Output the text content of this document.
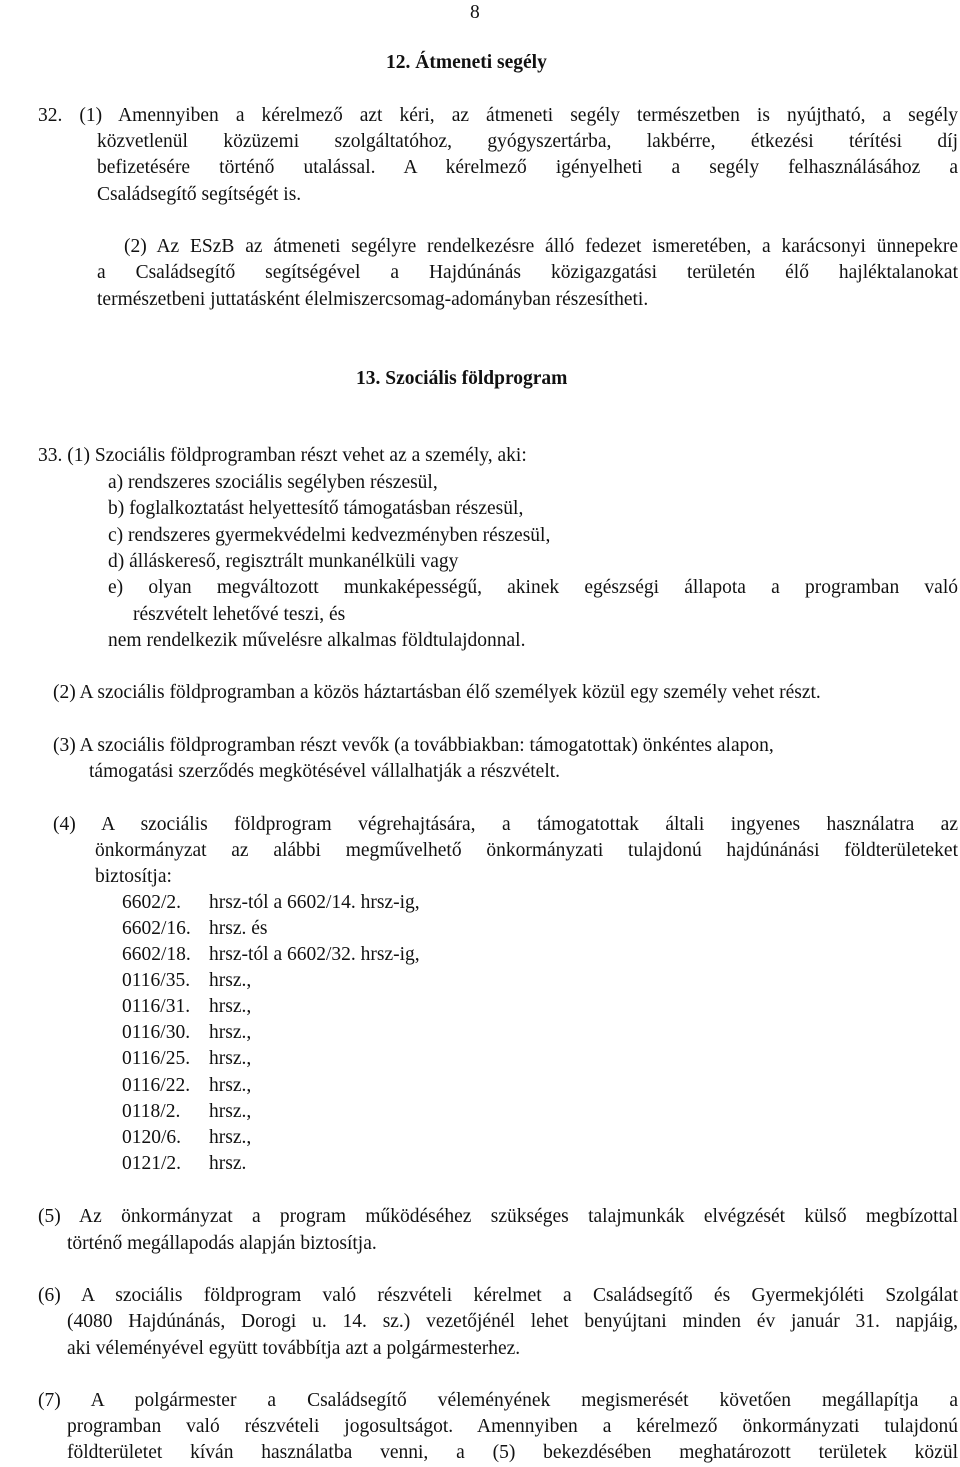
8
12. Átmeneti segély
32. (1) Amennyiben a kérelmező azt kéri, az átmeneti segély természetben is nyújtható, a segély
közvetlenül közüzemi szolgáltatóhoz, gyógyszertárba, lakbérre, étkezési térítési díj
befizetésére történő utalással. A kérelmező igényelheti a segély felhasználásához a
Családsegítő segítségét is.
(2) Az ESzB az átmeneti segélyre rendelkezésre álló fedezet ismeretében, a karácsonyi ünnepekre
a Családsegítő segítségével a Hajdúnánás közigazgatási területén élő hajléktalanokat
természetbeni juttatásként élelmiszercsomag-adományban részesítheti.
13. Szociális földprogram
33. (1) Szociális földprogramban részt vehet az a személy, aki:
a) rendszeres szociális segélyben részesül,
b) foglalkoztatást helyettesítő támogatásban részesül,
c) rendszeres gyermekvédelmi kedvezményben részesül,
d) álláskereső, regisztrált munkanélküli vagy
e) olyan megváltozott munkaképességű, akinek egészségi állapota a programban való
részvételt lehetővé teszi, és
nem rendelkezik művelésre alkalmas földtulajdonnal.
(2) A szociális földprogramban a közös háztartásban élő személyek közül egy személy vehet részt.
(3) A szociális földprogramban részt vevők (a továbbiakban: támogatottak) önkéntes alapon,
támogatási szerződés megkötésével vállalhatják a részvételt.
(4) A szociális földprogram végrehajtására, a támogatottak általi ingyenes használatra az
önkormányzat az alábbi megművelhető önkormányzati tulajdonú hajdúnánási földterületeket
biztosítja:
6602/2. hrsz-tól a 6602/14. hrsz-ig,
6602/16. hrsz. és
6602/18. hrsz-tól a 6602/32. hrsz-ig,
0116/35. hrsz.,
0116/31. hrsz.,
0116/30. hrsz.,
0116/25. hrsz.,
0116/22. hrsz.,
0118/2. hrsz.,
0120/6. hrsz.,
0121/2. hrsz.
(5) Az önkormányzat a program működéséhez szükséges talajmunkák elvégzését külső megbízottal
történő megállapodás alapján biztosítja.
(6) A szociális földprogram való részvételi kérelmet a Családsegítő és Gyermekjóléti Szolgálat
(4080 Hajdúnánás, Dorogi u. 14. sz.) vezetőjénél lehet benyújtani minden év január 31. napjáig,
aki véleményével együtt továbbítja azt a polgármesterhez.
(7) A polgármester a Családsegítő véleményének megismerését követően megállapítja a
programban való részvételi jogosultságot. Amennyiben a kérelmező önkormányzati tulajdonú
földterületet kíván használatba venni, a (5) bekezdésében meghatározott területek közül
